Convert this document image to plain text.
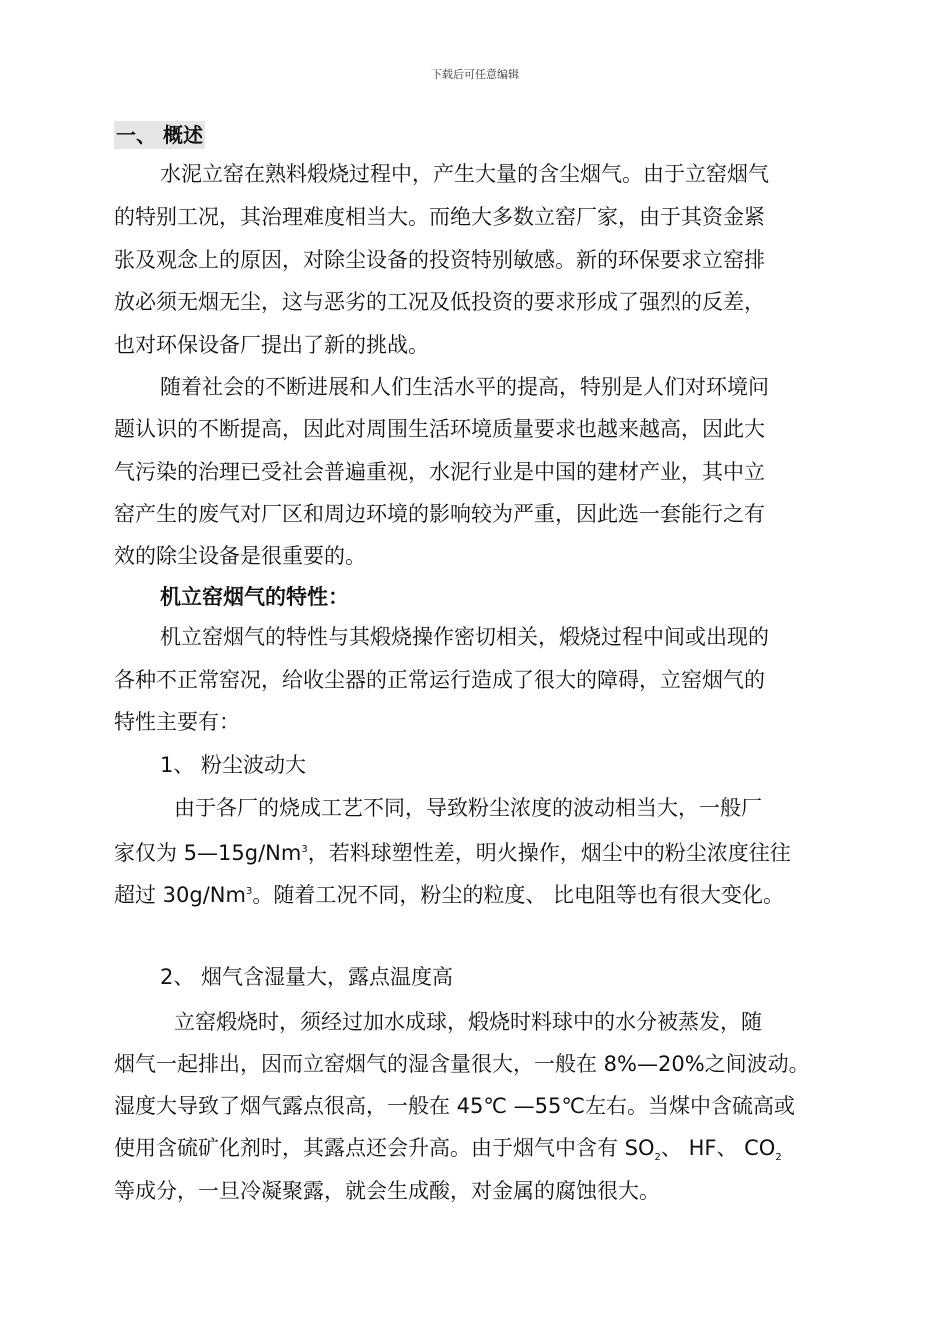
下载后可任意编辑
一、 概述
水泥立窑在熟料煅烧过程中，产生大量的含尘烟气。由于立窑烟气
的特别工况，其治理难度相当大。而绝大多数立窑厂家，由于其资金紧
张及观念上的原因，对除尘设备的投资特别敏感。新的环保要求立窑排
放必须无烟无尘，这与恶劣的工况及低投资的要求形成了强烈的反差，
也对环保设备厂提出了新的挑战。
随着社会的不断进展和人们生活水平的提高，特别是人们对环境问
题认识的不断提高，因此对周围生活环境质量要求也越来越高，因此大
气污染的治理已受社会普遍重视，水泥行业是中国的建材产业，其中立
窑产生的废气对厂区和周边环境的影响较为严重，因此选一套能行之有
效的除尘设备是很重要的。
机立窑烟气的特性：
机立窑烟气的特性与其煅烧操作密切相关，煅烧过程中间或出现的
各种不正常窑况，给收尘器的正常运行造成了很大的障碍，立窑烟气的
特性主要有：
1、 粉尘波动大
由于各厂的烧成工艺不同，导致粉尘浓度的波动相当大，一般厂
家仅为 5—15g/Nm$^3$，若料球塑性差，明火操作，烟尘中的粉尘浓度往往
超过 30g/Nm$^3$。随着工况不同，粉尘的粒度、 比电阻等也有很大变化。
2、 烟气含湿量大，露点温度高
立窑煅烧时，须经过加水成球，煅烧时料球中的水分被蒸发，随
烟气一起排出，因而立窑烟气的湿含量很大，一般在 8%—20%之间波动。
湿度大导致了烟气露点很高，一般在 45℃ —55℃左右。当煤中含硫高或
使用含硫矿化剂时，其露点还会升高。由于烟气中含有 $SO_2$、 HF、 $CO_2$
等成分，一旦冷凝聚露，就会生成酸，对金属的腐蚀很大。
